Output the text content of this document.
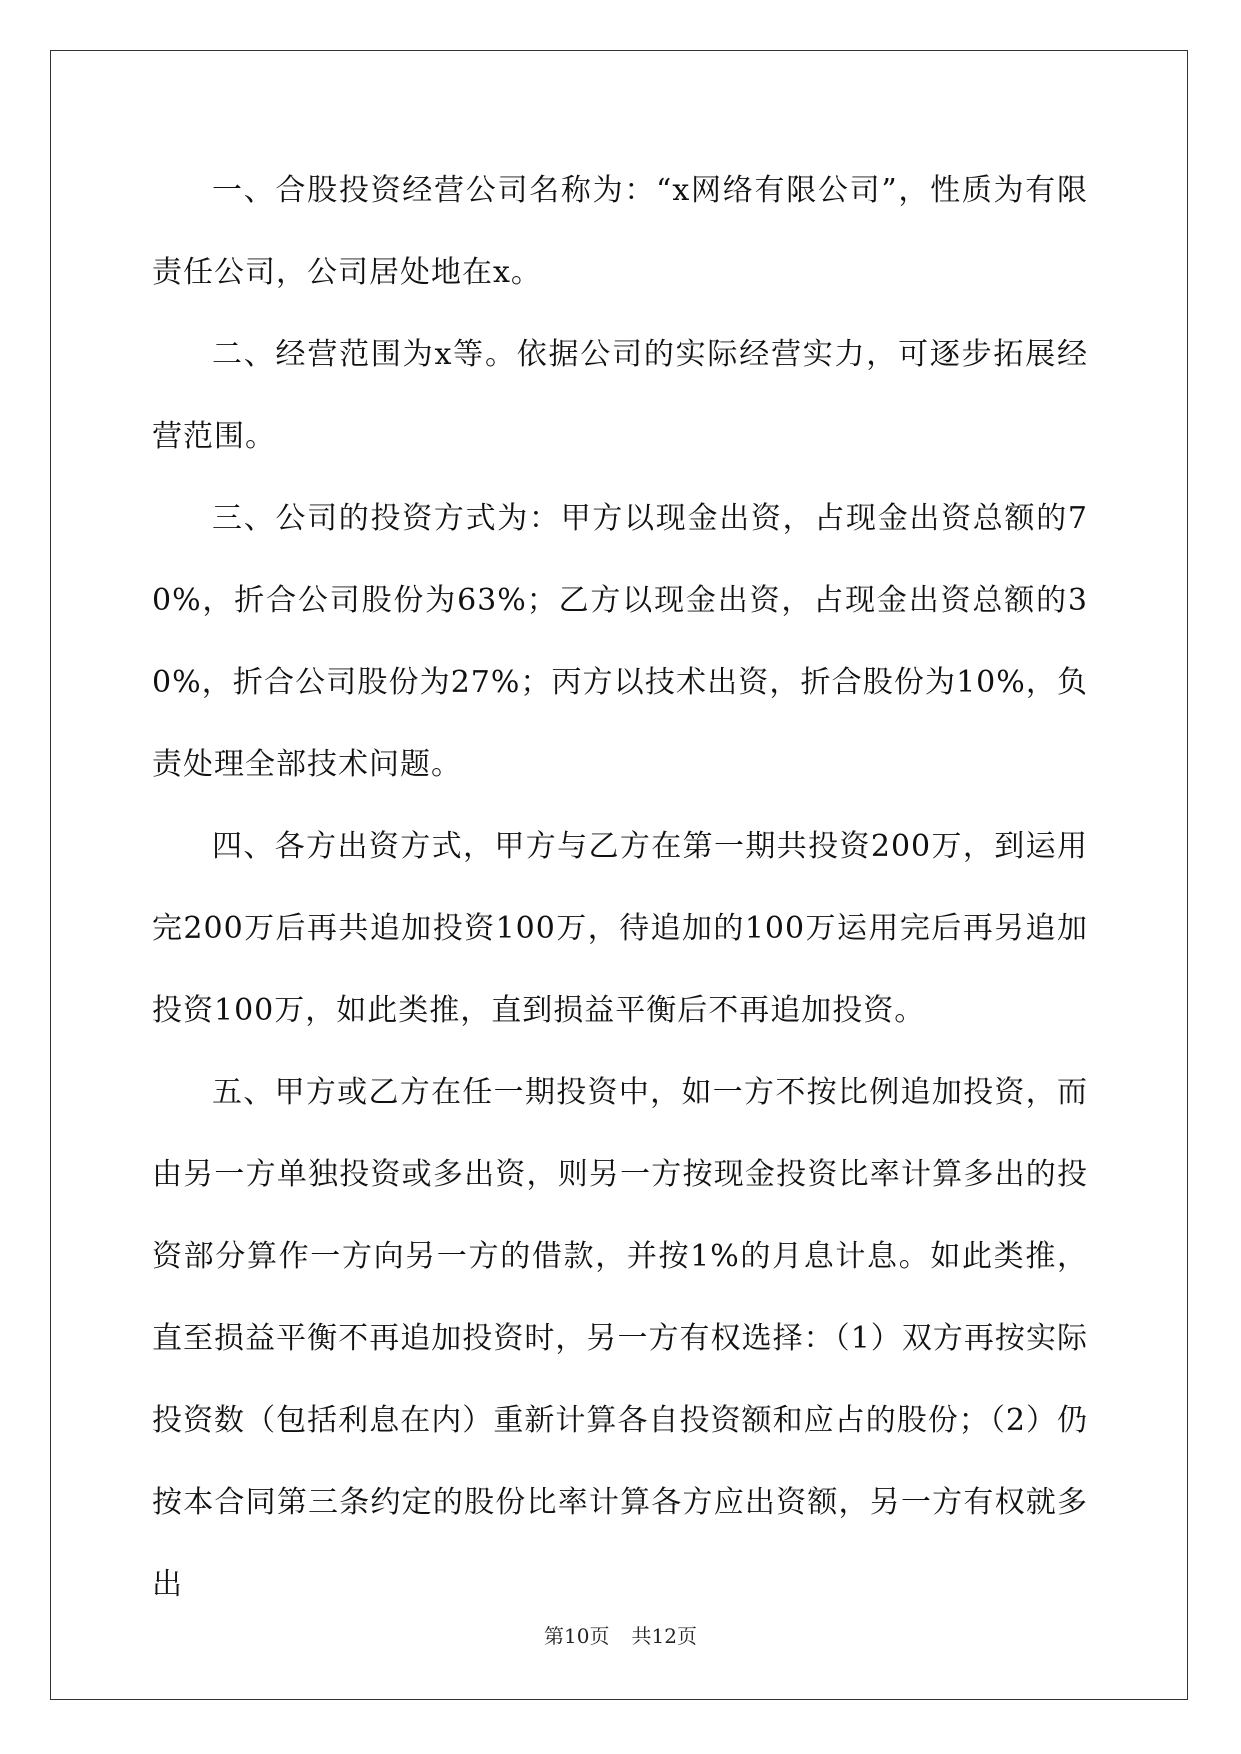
一、合股投资经营公司名称为：“x网络有限公司”，性质为有限责任公司，公司居处地在x。

二、经营范围为x等。依据公司的实际经营实力，可逐步拓展经营范围。

三、公司的投资方式为：甲方以现金出资，占现金出资总额的70%，折合公司股份为63%；乙方以现金出资，占现金出资总额的30%，折合公司股份为27%；丙方以技术出资，折合股份为10%，负责处理全部技术问题。

四、各方出资方式，甲方与乙方在第一期共投资200万，到运用完200万后再共追加投资100万，待追加的100万运用完后再另追加投资100万，如此类推，直到损益平衡后不再追加投资。

五、甲方或乙方在任一期投资中，如一方不按比例追加投资，而由另一方单独投资或多出资，则另一方按现金投资比率计算多出的投资部分算作一方向另一方的借款，并按1%的月息计息。如此类推，直至损益平衡不再追加投资时，另一方有权选择：（1）双方再按实际投资数（包括利息在内）重新计算各自投资额和应占的股份；（2）仍按本合同第三条约定的股份比率计算各方应出资额，另一方有权就多出

第10页 共12页
